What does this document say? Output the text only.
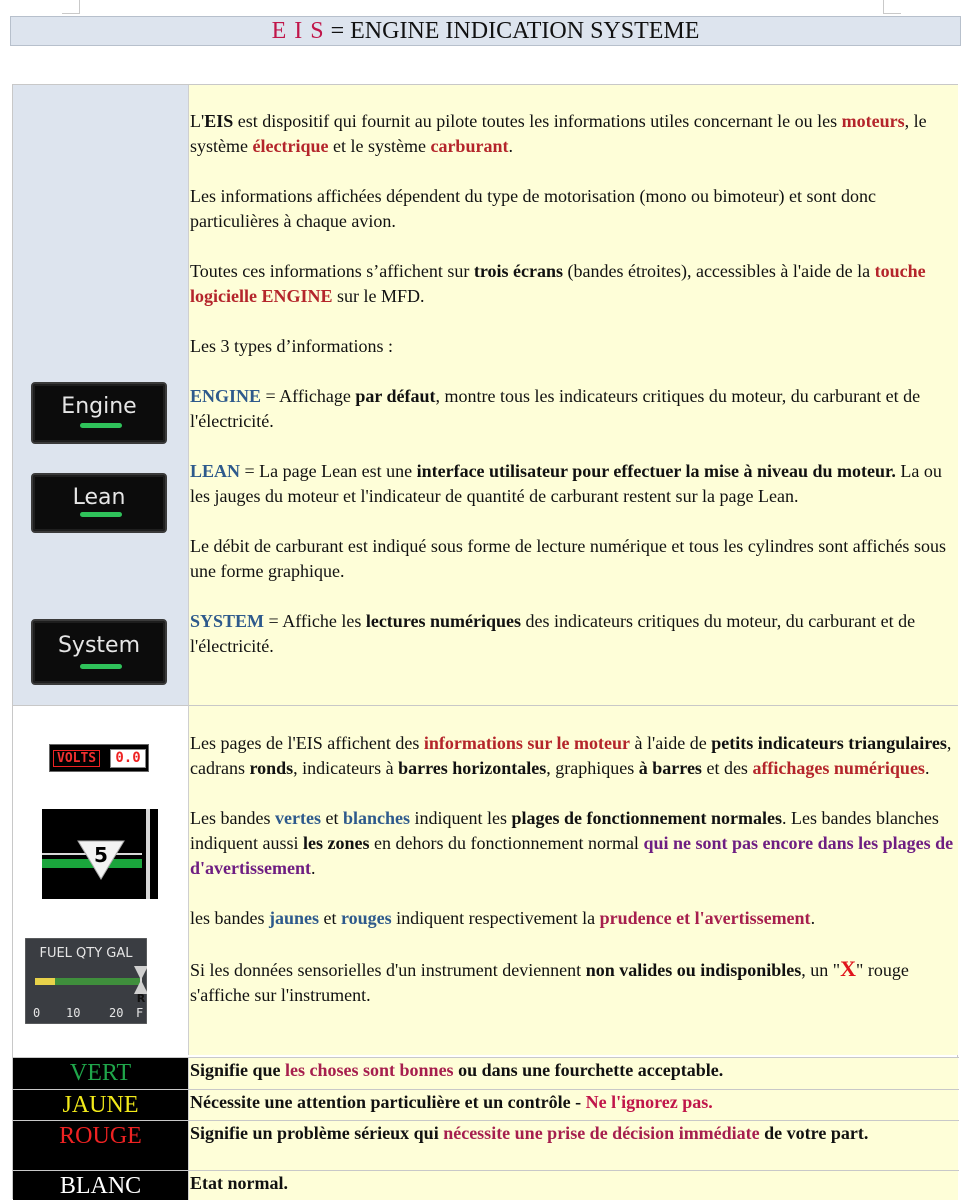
E I S = ENGINE INDICATION SYSTEME
Engine
Lean
System

L'EIS est dispositif qui fournit au pilote toutes les informations utiles concernant le ou les moteurs, le système électrique et le système carburant.

Les informations affichées dépendent du type de motorisation (mono ou bimoteur) et sont donc particulières à chaque avion.

Toutes ces informations s’affichent sur trois écrans (bandes étroites), accessibles à l'aide de la touche logicielle ENGINE sur le MFD.

Les 3 types d’informations :

ENGINE = Affichage par défaut, montre tous les indicateurs critiques du moteur, du carburant et de l'électricité.

LEAN = La page Lean est une interface utilisateur pour effectuer la mise à niveau du moteur. La ou les jauges du moteur et l'indicateur de quantité de carburant restent sur la page Lean.

Le débit de carburant est indiqué sous forme de lecture numérique et tous les cylindres sont affichés sous une forme graphique.

SYSTEM = Affiche les lectures numériques des indicateurs critiques du moteur, du carburant et de l'électricité.

VOLTS	0.0
5
FUEL QTY GAL
R
0 10 20 F

Les pages de l'EIS affichent des informations sur le moteur à l'aide de petits indicateurs triangulaires, cadrans ronds, indicateurs à barres horizontales, graphiques à barres et des affichages numériques.

Les bandes vertes et blanches indiquent les plages de fonctionnement normales. Les bandes blanches indiquent aussi les zones en dehors du fonctionnement normal qui ne sont pas encore dans les plages de d'avertissement.

les bandes jaunes et rouges indiquent respectivement la prudence et l'avertissement.

Si les données sensorielles d'un instrument deviennent non valides ou indisponibles, un "X" rouge s'affiche sur l'instrument.

VERT	Signifie que les choses sont bonnes ou dans une fourchette acceptable.
JAUNE	Nécessite une attention particulière et un contrôle - Ne l'ignorez pas.
ROUGE	Signifie un problème sérieux qui nécessite une prise de décision immédiate de votre part.
BLANC	Etat normal.
